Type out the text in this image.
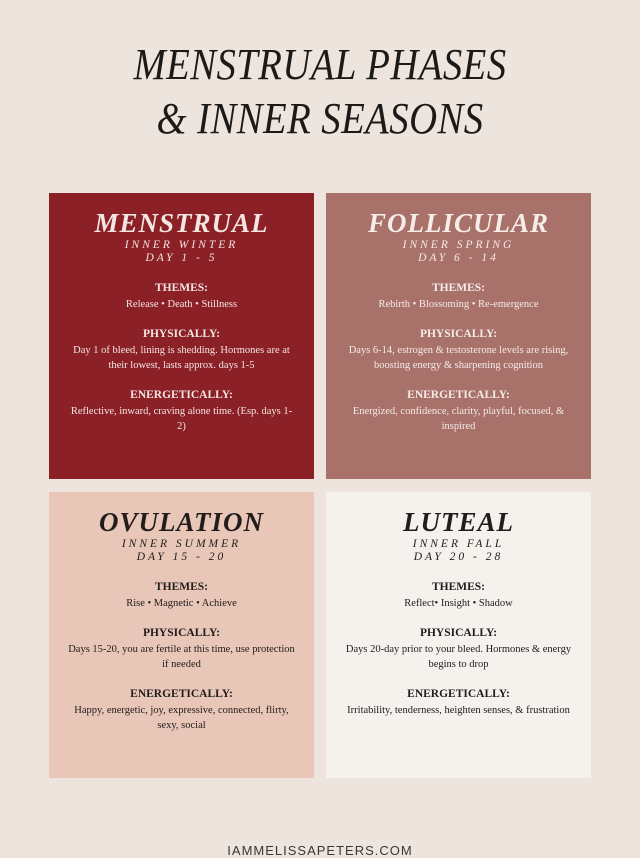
MENSTRUAL PHASES
& INNER SEASONS
MENSTRUAL
INNER WINTER
DAY 1 - 5
THEMES:
Release • Death • Stillness
PHYSICALLY:
Day 1 of bleed, lining is shedding. Hormones are at their lowest, lasts approx. days 1-5
ENERGETICALLY:
Reflective, inward, craving alone time. (Esp. days 1-2)
FOLLICULAR
INNER SPRING
DAY 6 - 14
THEMES:
Rebirth • Blossoming • Re-emergence
PHYSICALLY:
Days 6-14, estrogen & testosterone levels are rising, boosting energy & sharpening cognition
ENERGETICALLY:
Energized, confidence, clarity, playful, focused, & inspired
OVULATION
INNER SUMMER
DAY 15 - 20
THEMES:
Rise • Magnetic • Achieve
PHYSICALLY:
Days 15-20, you are fertile at this time, use protection if needed
ENERGETICALLY:
Happy, energetic, joy, expressive, connected, flirty, sexy, social
LUTEAL
INNER FALL
DAY 20 - 28
THEMES:
Reflect• Insight • Shadow
PHYSICALLY:
Days 20-day prior to your bleed. Hormones & energy begins to drop
ENERGETICALLY:
Irritability, tenderness, heighten senses, & frustration
IAMMELISSAPETERS.COM
